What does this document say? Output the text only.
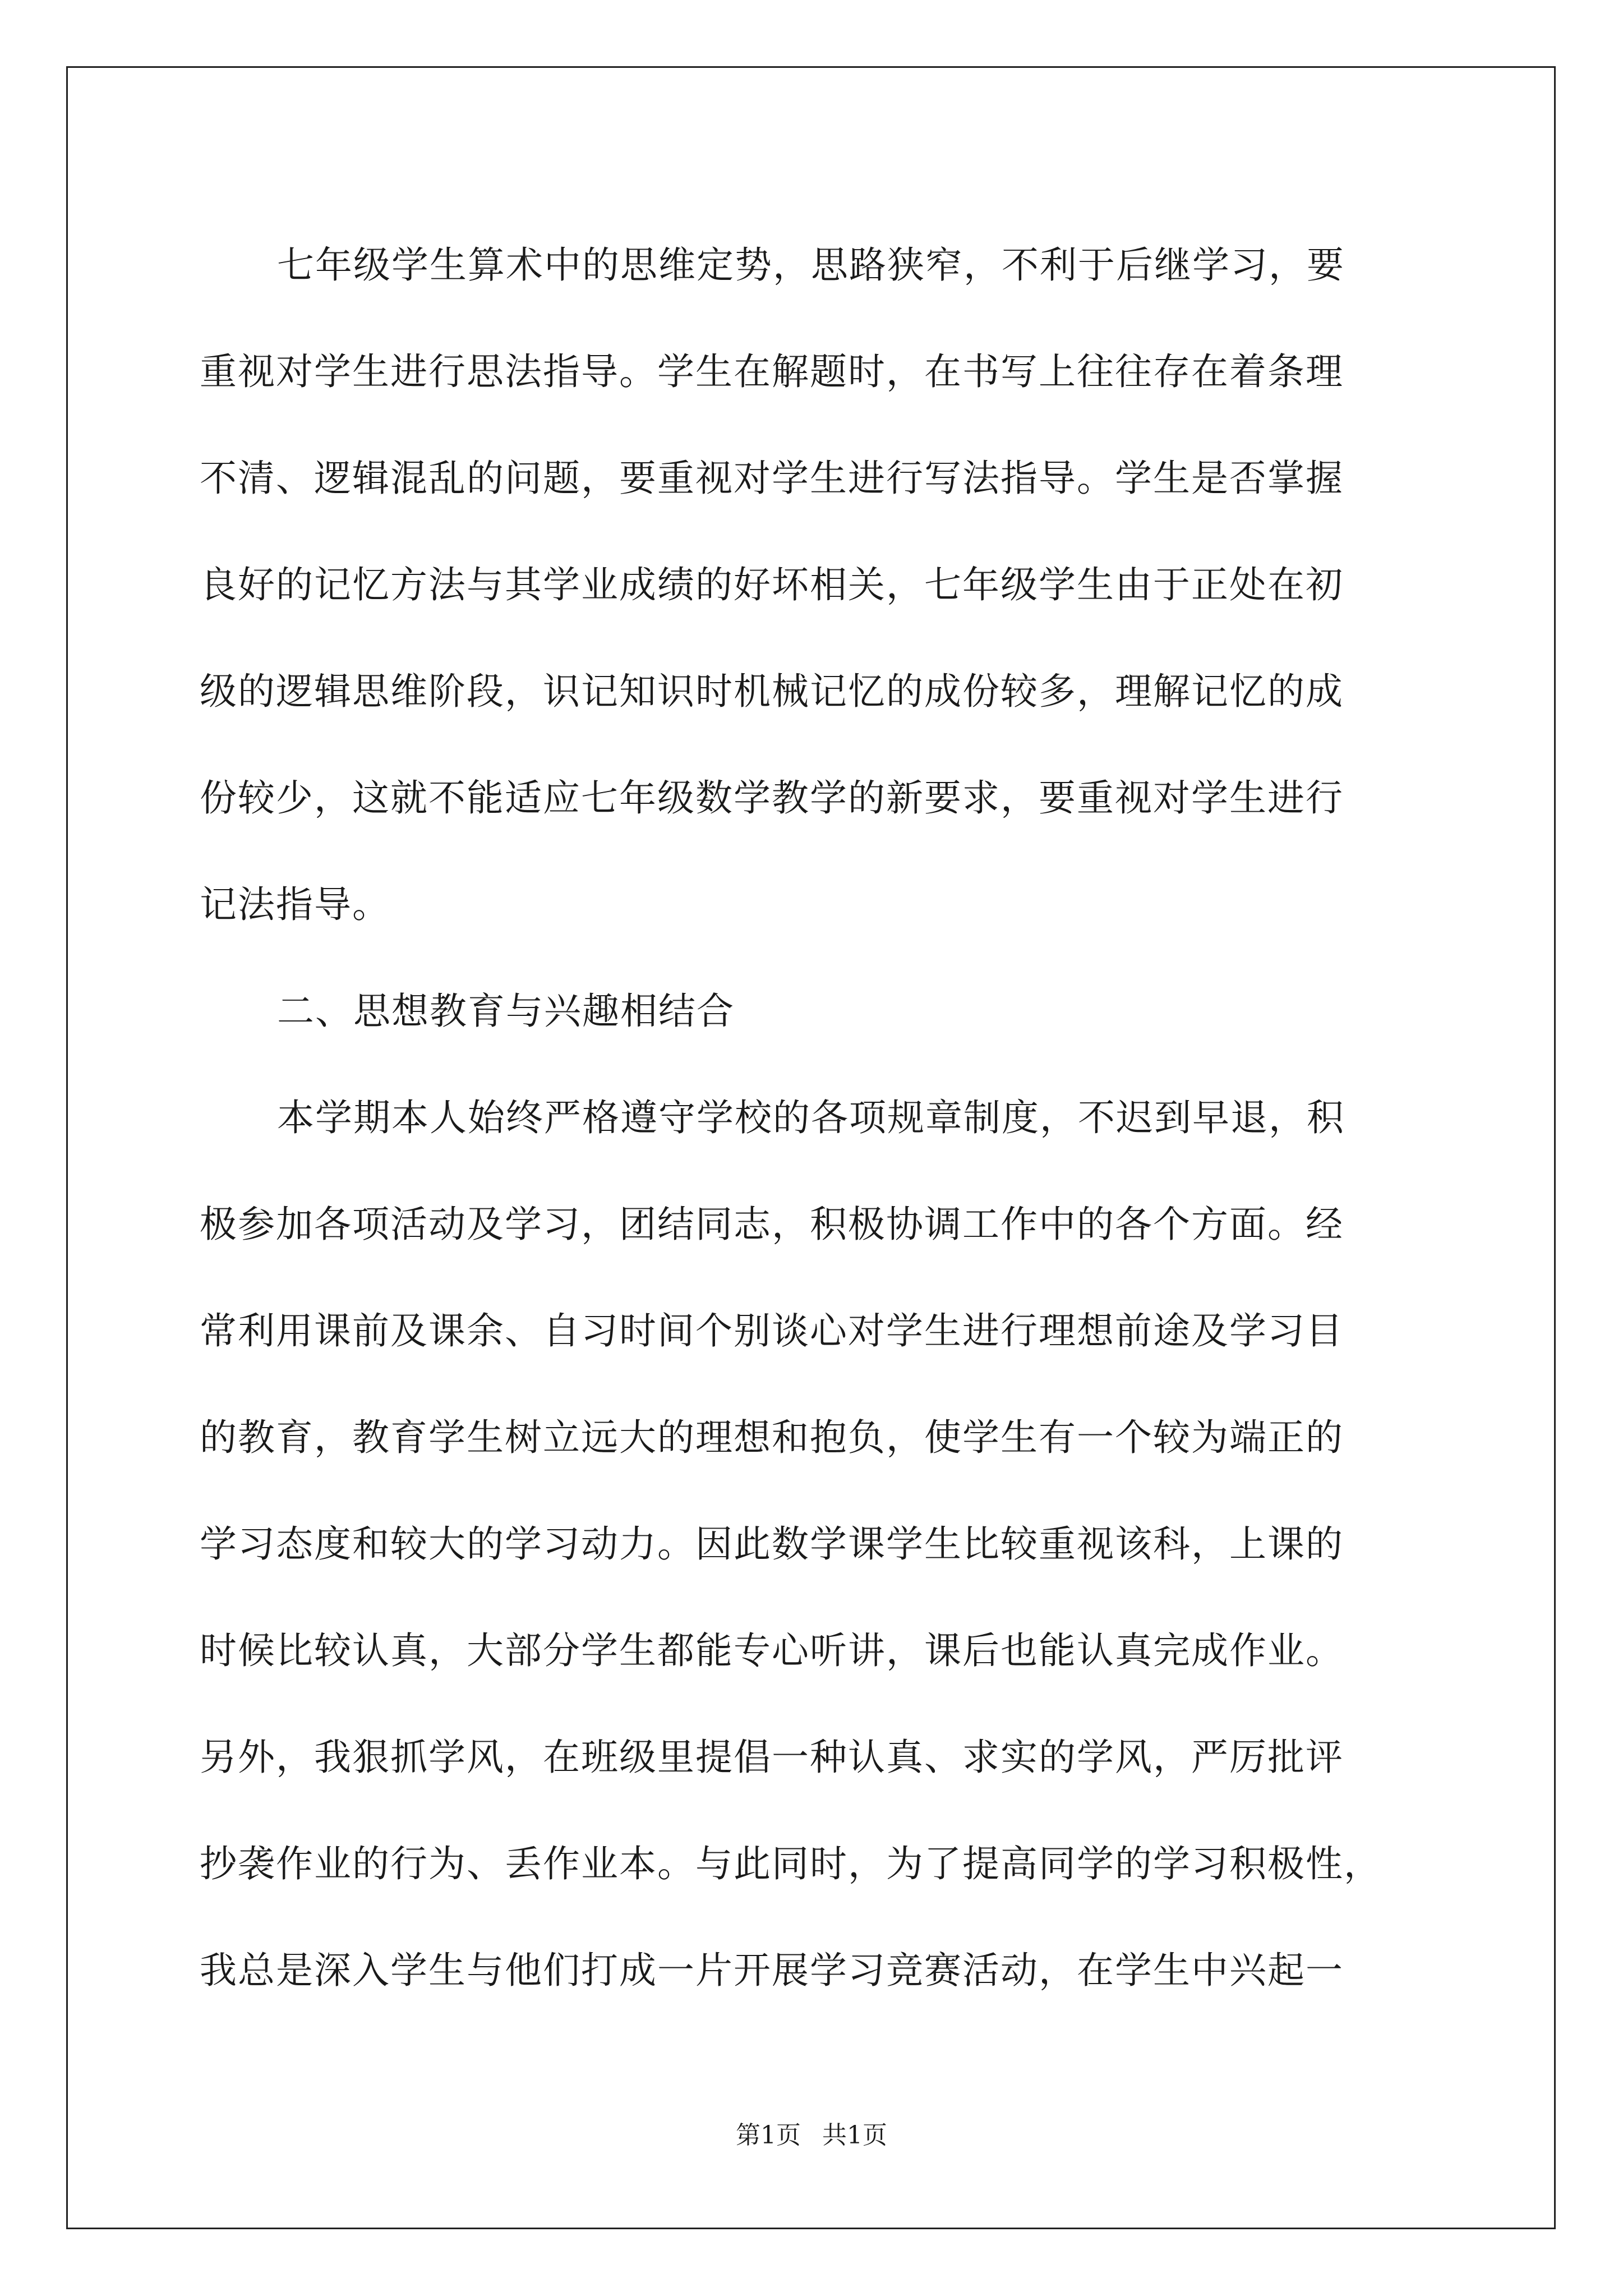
七年级学生算术中的思维定势，思路狭窄，不利于后继学习，要
重视对学生进行思法指导。学生在解题时，在书写上往往存在着条理
不清、逻辑混乱的问题，要重视对学生进行写法指导。学生是否掌握
良好的记忆方法与其学业成绩的好坏相关，七年级学生由于正处在初
级的逻辑思维阶段，识记知识时机械记忆的成份较多，理解记忆的成
份较少，这就不能适应七年级数学教学的新要求，要重视对学生进行
记法指导。
二、思想教育与兴趣相结合
本学期本人始终严格遵守学校的各项规章制度，不迟到早退，积
极参加各项活动及学习，团结同志，积极协调工作中的各个方面。经
常利用课前及课余、自习时间个别谈心对学生进行理想前途及学习目
的教育，教育学生树立远大的理想和抱负，使学生有一个较为端正的
学习态度和较大的学习动力。因此数学课学生比较重视该科，上课的
时候比较认真，大部分学生都能专心听讲，课后也能认真完成作业。
另外，我狠抓学风，在班级里提倡一种认真、求实的学风，严厉批评
抄袭作业的行为、丢作业本。与此同时，为了提高同学的学习积极性，
我总是深入学生与他们打成一片开展学习竞赛活动，在学生中兴起一
第1页 共1页
